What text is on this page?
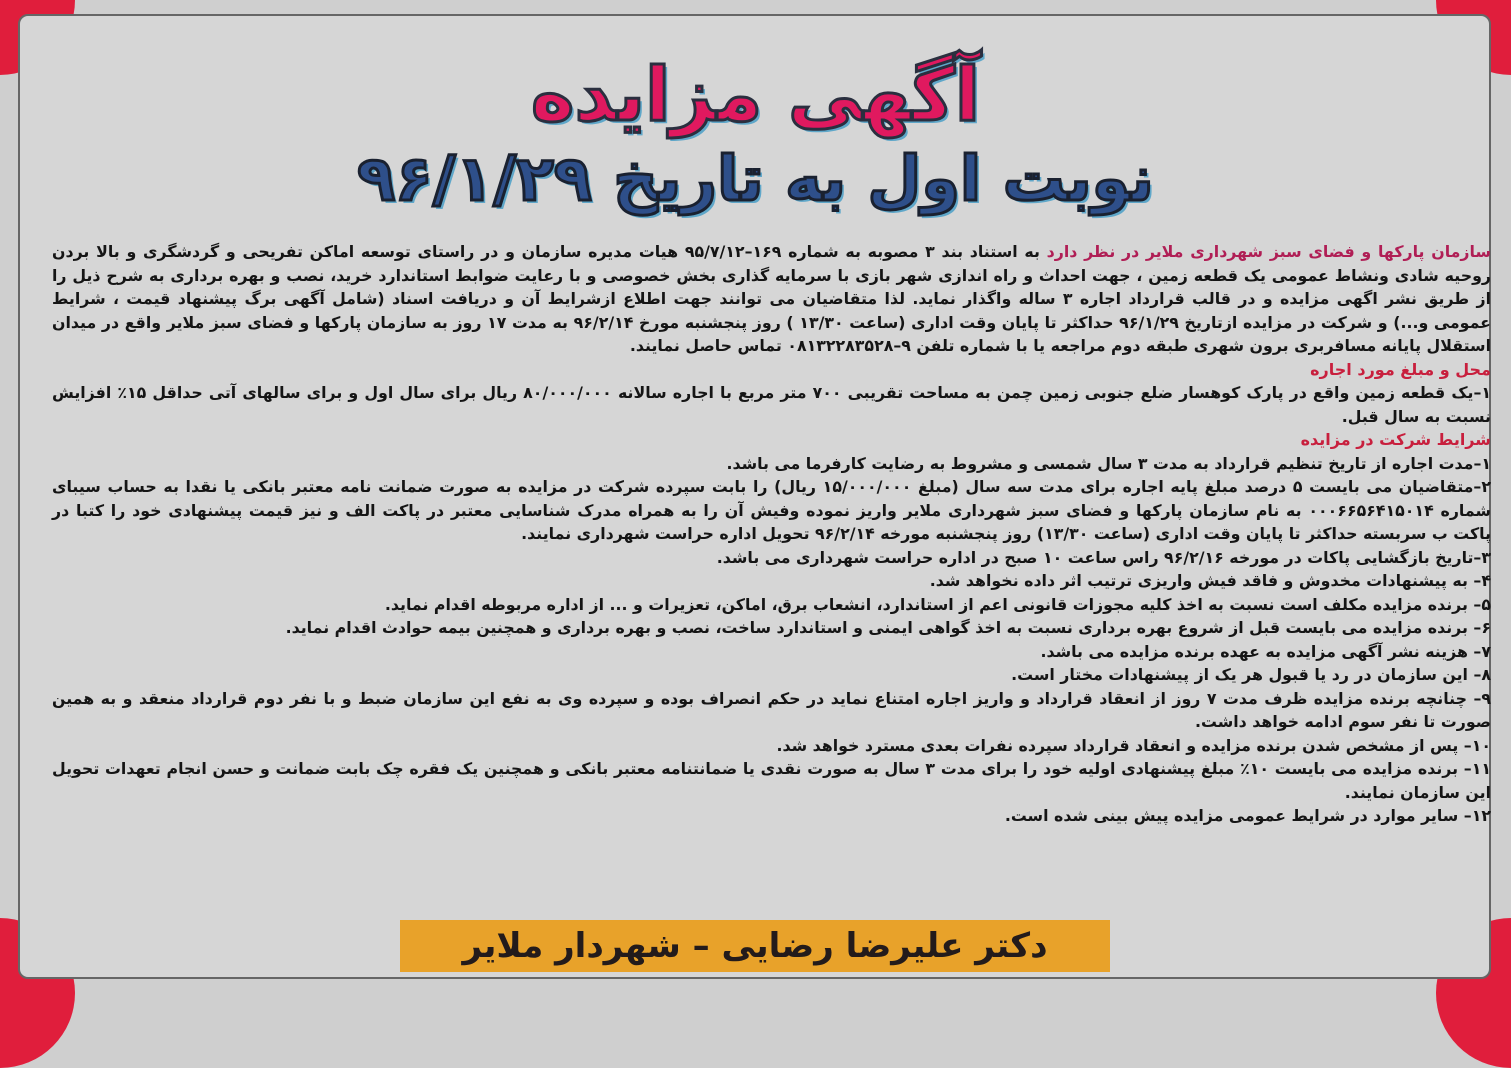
آگهی مزایده
نوبت اول به تاریخ ۹۶/۱/۲۹

سازمان پارکها و فضای سبز شهرداری ملایر در نظر دارد به استناد بند ۳ مصوبه به شماره ۱۶۹–۹۵/۷/۱۲ هیات مدیره سازمان و در راستای توسعه اماکن تفریحی و گردشگری و بالا بردن روحیه شادی ونشاط عمومی یک قطعه زمین ، جهت احداث و راه اندازی شهر بازی با سرمایه گذاری بخش خصوصی و با رعایت ضوابط استاندارد خرید، نصب و بهره برداری به شرح ذیل را از طریق نشر اگهی مزایده و در قالب قرارداد اجاره ۳ ساله واگذار نماید. لذا متقاضیان می توانند جهت اطلاع ازشرایط آن و دریافت اسناد (شامل آگهی برگ پیشنهاد قیمت ، شرایط عمومی و...) و شرکت در مزایده ازتاریخ ۹۶/۱/۲۹ حداکثر تا پایان وقت اداری (ساعت ۱۳/۳۰ ) روز پنجشنبه مورخ ۹۶/۲/۱۴ به مدت ۱۷ روز به سازمان پارکها و فضای سبز ملایر واقع در میدان استقلال پایانه مسافربری برون شهری طبقه دوم مراجعه یا با شماره تلفن ۹–۰۸۱۳۲۲۸۳۵۲۸ تماس حاصل نمایند.

محل و مبلغ مورد اجاره

۱–یک قطعه زمین واقع در پارک کوهسار ضلع جنوبی زمین چمن به مساحت تقریبی ۷۰۰ متر مربع با اجاره سالانه ۸۰/۰۰۰/۰۰۰ ریال برای سال اول و برای سالهای آتی حداقل ۱۵٪ افزایش نسبت به سال قبل.

شرایط شرکت در مزایده

۱–مدت اجاره از تاریخ تنظیم قرارداد به مدت ۳ سال شمسی و مشروط به رضایت کارفرما می باشد.

۲–متقاضیان می بایست ۵ درصد مبلغ پایه اجاره برای مدت سه سال (مبلغ ۱۵/۰۰۰/۰۰۰ ریال) را بابت سپرده شرکت در مزایده به صورت ضمانت نامه معتبر بانکی یا نقدا به حساب سیبای شماره ۰۰۰۶۶۵۶۴۱۵۰۱۴ به نام سازمان پارکها و فضای سبز شهرداری ملایر واریز نموده وفیش آن را به همراه مدرک شناسایی معتبر در پاکت الف و نیز قیمت پیشنهادی خود را کتبا در پاکت ب سربسته حداکثر تا پایان وقت اداری (ساعت ۱۳/۳۰) روز پنجشنبه مورخه ۹۶/۲/۱۴ تحویل اداره حراست شهرداری نمایند.

۳–تاریخ بازگشایی پاکات در مورخه ۹۶/۲/۱۶ راس ساعت ۱۰ صبح در اداره حراست شهرداری می باشد.

۴– به پیشنهادات مخدوش و فاقد فیش واریزی ترتیب اثر داده نخواهد شد.

۵– برنده مزایده مکلف است نسبت به اخذ کلیه مجوزات قانونی اعم از استاندارد، انشعاب برق، اماکن، تعزیرات و ... از اداره مربوطه اقدام نماید.

۶– برنده مزایده می بایست قبل از شروع بهره برداری نسبت به اخذ گواهی ایمنی و استاندارد ساخت، نصب و بهره برداری و همچنین بیمه حوادث اقدام نماید.

۷– هزینه نشر آگهی مزایده به عهده برنده مزایده می باشد.

۸– این سازمان در رد یا قبول هر یک از پیشنهادات مختار است.

۹– چنانچه برنده مزایده ظرف مدت ۷ روز از انعقاد قرارداد و واریز اجاره امتناع نماید در حکم انصراف بوده و سپرده وی به نفع این سازمان ضبط و با نفر دوم قرارداد منعقد و به همین صورت تا نفر سوم ادامه خواهد داشت.

۱۰– پس از مشخص شدن برنده مزایده و انعقاد قرارداد سپرده نفرات بعدی مسترد خواهد شد.

۱۱– برنده مزایده می بایست ۱۰٪ مبلغ پیشنهادی اولیه خود را برای مدت ۳ سال به صورت نقدی یا ضمانتنامه معتبر بانکی و همچنین یک فقره چک بابت ضمانت و حسن انجام تعهدات تحویل این سازمان نمایند.

۱۲– سایر موارد در شرایط عمومی مزایده پیش بینی شده است.

دکتر علیرضا رضایی – شهردار ملایر
